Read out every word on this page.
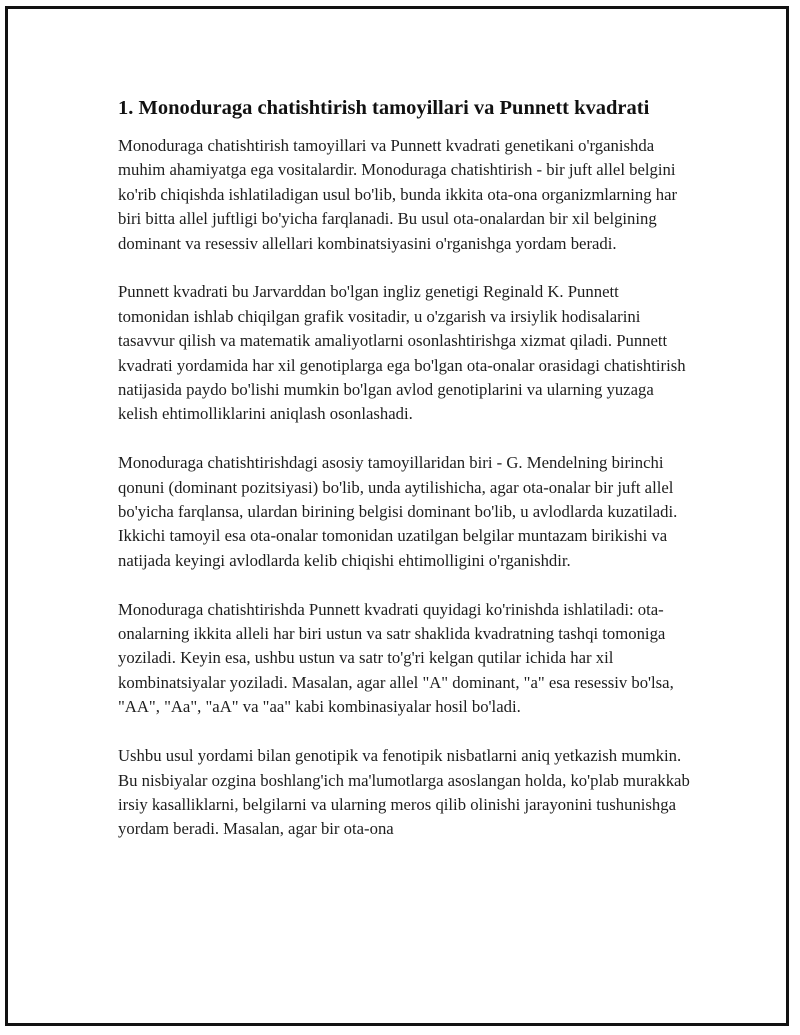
1. Monoduraga chatishtirish tamoyillari va Punnett kvadrati

Monoduraga chatishtirish tamoyillari va Punnett kvadrati genetikani o'rganishda muhim ahamiyatga ega vositalardir. Monoduraga chatishtirish - bir juft allel belgini ko'rib chiqishda ishlatiladigan usul bo'lib, bunda ikkita ota-ona organizmlarning har biri bitta allel juftligi bo'yicha farqlanadi. Bu usul ota-onalardan bir xil belgining dominant va resessiv allellari kombinatsiyasini o'rganishga yordam beradi.

Punnett kvadrati bu Jarvarddan bo'lgan ingliz genetigi Reginald K. Punnett tomonidan ishlab chiqilgan grafik vositadir, u o'zgarish va irsiylik hodisalarini tasavvur qilish va matematik amaliyotlarni osonlashtirishga xizmat qiladi. Punnett kvadrati yordamida har xil genotiplarga ega bo'lgan ota-onalar orasidagi chatishtirish natijasida paydo bo'lishi mumkin bo'lgan avlod genotiplarini va ularning yuzaga kelish ehtimolliklarini aniqlash osonlashadi.

Monoduraga chatishtirishdagi asosiy tamoyillaridan biri - G. Mendelning birinchi qonuni (dominant pozitsiyasi) bo'lib, unda aytilishicha, agar ota-onalar bir juft allel bo'yicha farqlansa, ulardan birining belgisi dominant bo'lib, u avlodlarda kuzatiladi. Ikkichi tamoyil esa ota-onalar tomonidan uzatilgan belgilar muntazam birikishi va natijada keyingi avlodlarda kelib chiqishi ehtimolligini o'rganishdir.

Monoduraga chatishtirishda Punnett kvadrati quyidagi ko'rinishda ishlatiladi: ota-onalarning ikkita alleli har biri ustun va satr shaklida kvadratning tashqi tomoniga yoziladi. Keyin esa, ushbu ustun va satr to'g'ri kelgan qutilar ichida har xil kombinatsiyalar yoziladi. Masalan, agar allel "A" dominant, "a" esa resessiv bo'lsa, "AA", "Aa", "aA" va "aa" kabi kombinasiyalar hosil bo'ladi.

Ushbu usul yordami bilan genotipik va fenotipik nisbatlarni aniq yetkazish mumkin. Bu nisbiyalar ozgina boshlang'ich ma'lumotlarga asoslangan holda, ko'plab murakkab irsiy kasalliklarni, belgilarni va ularning meros qilib olinishi jarayonini tushunishga yordam beradi. Masalan, agar bir ota-ona
